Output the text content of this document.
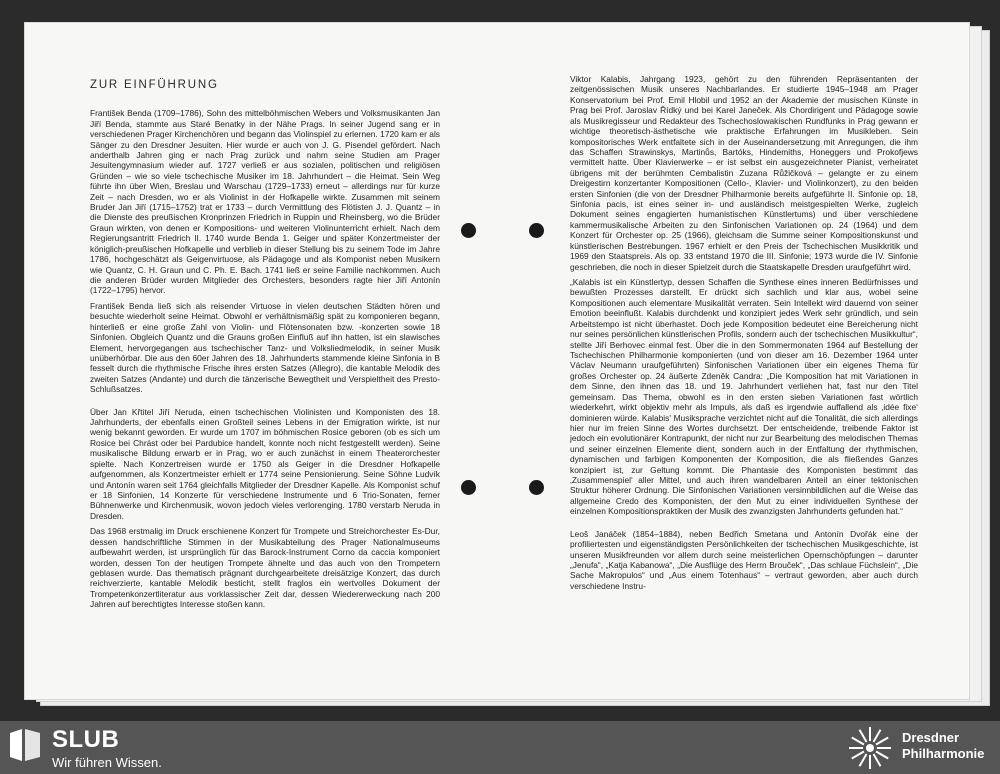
ZUR EINFÜHRUNG

František Benda (1709–1786), Sohn des mittelböhmischen Webers und Volksmusikanten Jan Jiří Benda, stammte aus Staré Benatky in der Nähe Prags. In seiner Jugend sang er in verschiedenen Prager Kirchenchören und begann das Violinspiel zu erlernen. 1720 kam er als Sänger zu den Dresdner Jesuiten. Hier wurde er auch von J. G. Pisendel gefördert. Nach anderthalb Jahren ging er nach Prag zurück und nahm seine Studien am Prager Jesuitengymnasium wieder auf. 1727 verließ er aus sozialen, politischen und religiösen Gründen – wie so viele tschechische Musiker im 18. Jahrhundert – die Heimat. Sein Weg führte ihn über Wien, Breslau und Warschau (1729–1733) erneut – allerdings nur für kurze Zeit – nach Dresden, wo er als Violinist in der Hofkapelle wirkte. Zusammen mit seinem Bruder Jan Jiří (1715–1752) trat er 1733 – durch Vermittlung des Flötisten J. J. Quantz – in die Dienste des preußischen Kronprinzen Friedrich in Ruppin und Rheinsberg, wo die Brüder Graun wirkten, von denen er Kompositions- und weiteren Violinunterricht erhielt. Nach dem Regierungsantritt Friedrich II. 1740 wurde Benda 1. Geiger und später Konzertmeister der königlich-preußischen Hofkapelle und verblieb in dieser Stellung bis zu seinem Tode im Jahre 1786, hochgeschätzt als Geigenvirtuose, als Pädagoge und als Komponist neben Musikern wie Quantz, C. H. Graun und C. Ph. E. Bach. 1741 ließ er seine Familie nachkommen. Auch die anderen Brüder wurden Mitglieder des Orchesters, besonders ragte hier Jiří Antonín (1722–1795) hervor.

František Benda ließ sich als reisender Virtuose in vielen deutschen Städten hören und besuchte wiederholt seine Heimat. Obwohl er verhältnismäßig spät zu komponieren begann, hinterließ er eine große Zahl von Violin- und Flötensonaten bzw. -konzerten sowie 18 Sinfonien. Obgleich Quantz und die Grauns großen Einfluß auf ihn hatten, ist ein slawisches Element, hervorgegangen aus tschechischer Tanz- und Volksliedmelodik, in seiner Musik unüberhörbar. Die aus den 60er Jahren des 18. Jahrhunderts stammende kleine Sinfonia in B fesselt durch die rhythmische Frische ihres ersten Satzes (Allegro), die kantable Melodik des zweiten Satzes (Andante) und durch die tänzerische Bewegtheit und Verspieltheit des Presto-Schlußsatzes.

Über Jan Křtitel Jiří Neruda, einen tschechischen Violinisten und Komponisten des 18. Jahrhunderts, der ebenfalls einen Großteil seines Lebens in der Emigration wirkte, ist nur wenig bekannt geworden. Er wurde um 1707 im böhmischen Rosice geboren (ob es sich um Rosice bei Chrást oder bei Pardubice handelt, konnte noch nicht festgestellt werden). Seine musikalische Bildung erwarb er in Prag, wo er auch zunächst in einem Theaterorchester spielte. Nach Konzertreisen wurde er 1750 als Geiger in die Dresdner Hofkapelle aufgenommen, als Konzertmeister erhielt er 1774 seine Pensionierung. Seine Söhne Ludvík und Antonín waren seit 1764 gleichfalls Mitglieder der Dresdner Kapelle. Als Komponist schuf er 18 Sinfonien, 14 Konzerte für verschiedene Instrumente und 6 Trio-Sonaten, ferner Bühnenwerke und Kirchenmusik, wovon jedoch vieles verlorenging. 1780 verstarb Neruda in Dresden.

Das 1968 erstmalig im Druck erschienene Konzert für Trompete und Streichorchester Es-Dur, dessen handschriftliche Stimmen in der Musikabteilung des Prager Nationalmuseums aufbewahrt werden, ist ursprünglich für das Barock-Instrument Corno da caccia komponiert worden, dessen Ton der heutigen Trompete ähnelte und das auch von den Trompetern geblasen wurde. Das thematisch prägnant durchgearbeitete dreisätzige Konzert, das durch reichverzierte, kantable Melodik besticht, stellt fraglos ein wertvolles Dokument der Trompetenkonzertliteratur aus vorklassischer Zeit dar, dessen Wiedererweckung nach 200 Jahren auf berechtigtes Interesse stoßen kann.

Viktor Kalabis, Jahrgang 1923, gehört zu den führenden Repräsentanten der zeitgenössischen Musik unseres Nachbarlandes. Er studierte 1945–1948 am Prager Konservatorium bei Prof. Emil Hlobil und 1952 an der Akademie der musischen Künste in Prag bei Prof. Jaroslav Řídký und bei Karel Janeček. Als Chordirigent und Pädagoge sowie als Musikregisseur und Redakteur des Tschechoslowakischen Rundfunks in Prag gewann er wichtige theoretisch-ästhetische wie praktische Erfahrungen im Musikleben. Sein kompositorisches Werk entfaltete sich in der Auseinandersetzung mit Anregungen, die ihm das Schaffen Strawinskys, Martinůs, Bartóks, Hindemiths, Honeggers und Prokofjews vermittelt hatte. Über Klavierwerke – er ist selbst ein ausgezeichneter Pianist, verheiratet übrigens mit der berühmten Cembalistin Zuzana Růžičková – gelangte er zu einem Dreigestirn konzertanter Kompositionen (Cello-, Klavier- und Violinkonzert), zu den beiden ersten Sinfonien (die von der Dresdner Philharmonie bereits aufgeführte II. Sinfonie op. 18, Sinfonia pacis, ist eines seiner in- und ausländisch meistgespielten Werke, zugleich Dokument seines engagierten humanistischen Künstlertums) und über verschiedene kammermusikalische Arbeiten zu den Sinfonischen Variationen op. 24 (1964) und dem Konzert für Orchester op. 25 (1966), gleichsam die Summe seiner Kompositionskunst und künstlerischen Bestrebungen. 1967 erhielt er den Preis der Tschechischen Musikkritik und 1969 den Staatspreis. Als op. 33 entstand 1970 die III. Sinfonie; 1973 wurde die IV. Sinfonie geschrieben, die noch in dieser Spielzeit durch die Staatskapelle Dresden uraufgeführt wird.

„Kalabis ist ein Künstlertyp, dessen Schaffen die Synthese eines inneren Bedürfnisses und bewußten Prozesses darstellt. Er drückt sich sachlich und klar aus, wobei seine Kompositionen auch elementare Musikalität verraten. Sein Intellekt wird dauernd von seiner Emotion beeinflußt. Kalabis durchdenkt und konzipiert jedes Werk sehr gründlich, und sein Arbeitstempo ist nicht überhastet. Doch jede Komposition bedeutet eine Bereicherung nicht nur seines persönlichen künstlerischen Profils, sondern auch der tschechischen Musikkultur“, stellte Jiří Berhovec einmal fest. Über die in den Sommermonaten 1964 auf Bestellung der Tschechischen Philharmonie komponierten (und von dieser am 16. Dezember 1964 unter Václav Neumann uraufgeführten) Sinfonischen Variationen über ein eigenes Thema für großes Orchester op. 24 äußerte Zdeněk Candra: „Die Komposition hat mit Variationen in dem Sinne, den ihnen das 18. und 19. Jahrhundert verliehen hat, fast nur den Titel gemeinsam. Das Thema, obwohl es in den ersten sieben Variationen fast wörtlich wiederkehrt, wirkt objektiv mehr als Impuls, als daß es irgendwie auffallend als ‚idée fixe‘ dominieren würde. Kalabis' Musiksprache verzichtet nicht auf die Tonalität, die sich allerdings hier nur im freien Sinne des Wortes durchsetzt. Der entscheidende, treibende Faktor ist jedoch ein evolutionärer Kontrapunkt, der nicht nur zur Bearbeitung des melodischen Themas und seiner einzelnen Elemente dient, sondern auch in der Entfaltung der rhythmischen, dynamischen und farbigen Komponenten der Komposition, die als fließendes Ganzes konzipiert ist, zur Geltung kommt. Die Phantasie des Komponisten bestimmt das ‚Zusammenspiel‘ aller Mittel, und auch ihren wandelbaren Anteil an einer tektonischen Struktur höherer Ordnung. Die Sinfonischen Variationen versinnbildlichen auf die Weise das allgemeine Credo des Komponisten, der den Mut zu einer individuellen Synthese der einzelnen Kompositionspraktiken der Musik des zwanzigsten Jahrhunderts gefunden hat.“

Leoš Janáček (1854–1884), neben Bedřich Smetana und Antonín Dvořák eine der profiliertesten und eigenständigsten Persönlichkeiten der tschechischen Musikgeschichte, ist unseren Musikfreunden vor allem durch seine meisterlichen Opernschöpfungen – darunter „Jenufa“, „Katja Kabanowa“, „Die Ausflüge des Herrn Brouček“, „Das schlaue Füchslein“, „Die Sache Makropulos“ und „Aus einem Totenhaus“ – vertraut geworden, aber auch durch verschiedene Instru-

SLUB
Wir führen Wissen.
Dresdner
Philharmonie
